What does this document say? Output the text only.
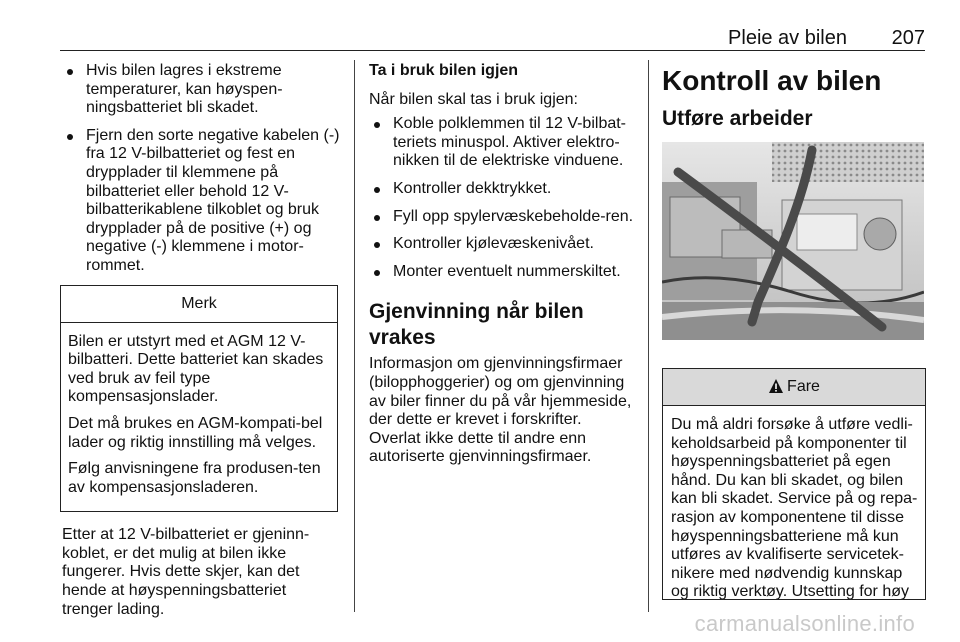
Pleie av bilen 207
Hvis bilen lagres i ekstreme temperaturer, kan høyspen-ningsbatteriet bli skadet.
Fjern den sorte negative kabelen (-) fra 12 V-bilbatteriet og fest en drypplader til klemmene på bilbatteriet eller behold 12 V-bilbatterikablene tilkoblet og bruk drypplader på de positive (+) og negative (-) klemmene i motor-rommet.
Merk

Bilen er utstyrt med et AGM 12 V-bilbatteri. Dette batteriet kan skades ved bruk av feil type kompensasjonslader.

Det må brukes en AGM-kompati-bel lader og riktig innstilling må velges.

Følg anvisningene fra produsen-ten av kompensasjonsladeren.

Etter at 12 V-bilbatteriet er gjeninn-koblet, er det mulig at bilen ikke fungerer. Hvis dette skjer, kan det hende at høyspenningsbatteriet trenger lading.

Ta i bruk bilen igjen

Når bilen skal tas i bruk igjen:

Koble polklemmen til 12 V-bilbat-teriets minuspol. Aktiver elektro-nikken til de elektriske vinduene.
Kontroller dekktrykket.
Fyll opp spylervæskebeholde-ren.
Kontroller kjølevæskenivået.
Monter eventuelt nummerskiltet.
Gjenvinning når bilen vrakes

Informasjon om gjenvinningsfirmaer (bilopphoggerier) og om gjenvinning av biler finner du på vår hjemmeside, der dette er krevet i forskrifter. Overlat ikke dette til andre enn autoriserte gjenvinningsfirmaer.

Kontroll av bilen
Utføre arbeider
Fare
Du må aldri forsøke å utføre vedli-keholdsarbeid på komponenter til høyspenningsbatteriet på egen hånd. Du kan bli skadet, og bilen kan bli skadet. Service på og repa-rasjon av komponentene til disse høyspenningsbatteriene må kun utføres av kvalifiserte servicetek-nikere med nødvendig kunnskap og riktig verktøy. Utsetting for høy
carmanualsonline.info
